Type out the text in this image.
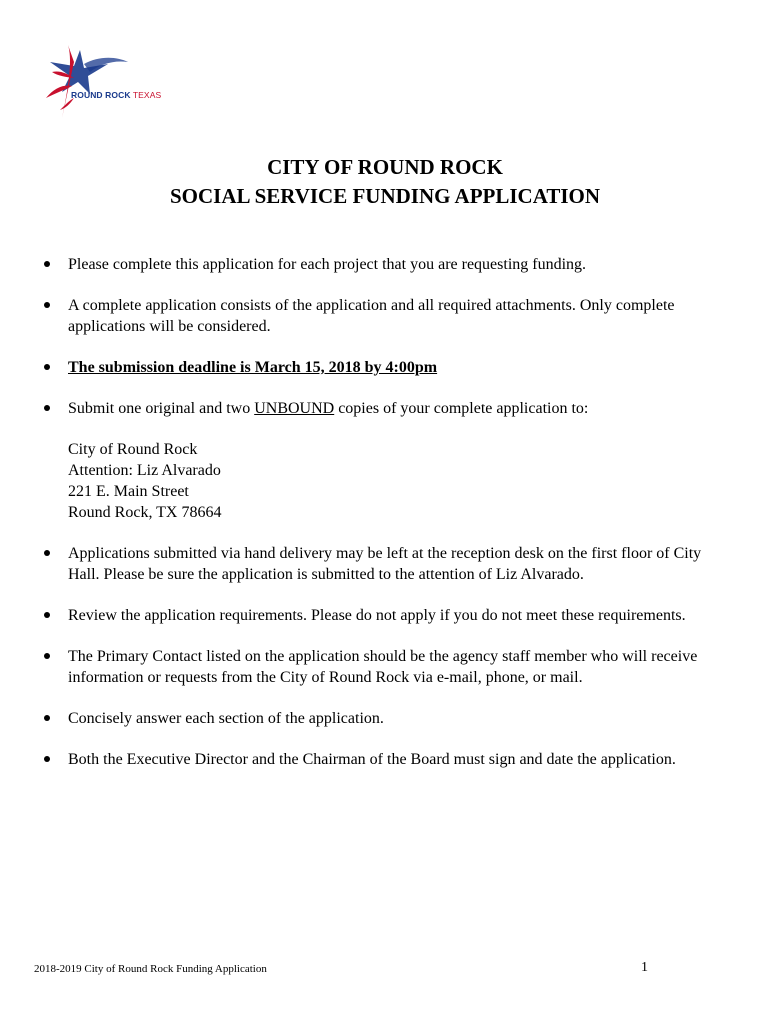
ROUND ROCK TEXAS
CITY OF ROUND ROCK
SOCIAL SERVICE FUNDING APPLICATION
Please complete this application for each project that you are requesting funding.
A complete application consists of the application and all required attachments. Only complete applications will be considered.
The submission deadline is March 15, 2018 by 4:00pm
Submit one original and two UNBOUND copies of your complete application to:
City of Round Rock
Attention: Liz Alvarado
221 E. Main Street
Round Rock, TX 78664
Applications submitted via hand delivery may be left at the reception desk on the first floor of City Hall. Please be sure the application is submitted to the attention of Liz Alvarado.
Review the application requirements. Please do not apply if you do not meet these requirements.
The Primary Contact listed on the application should be the agency staff member who will receive information or requests from the City of Round Rock via e-mail, phone, or mail.
Concisely answer each section of the application.
Both the Executive Director and the Chairman of the Board must sign and date the application.
2018-2019 City of Round Rock Funding Application	1
